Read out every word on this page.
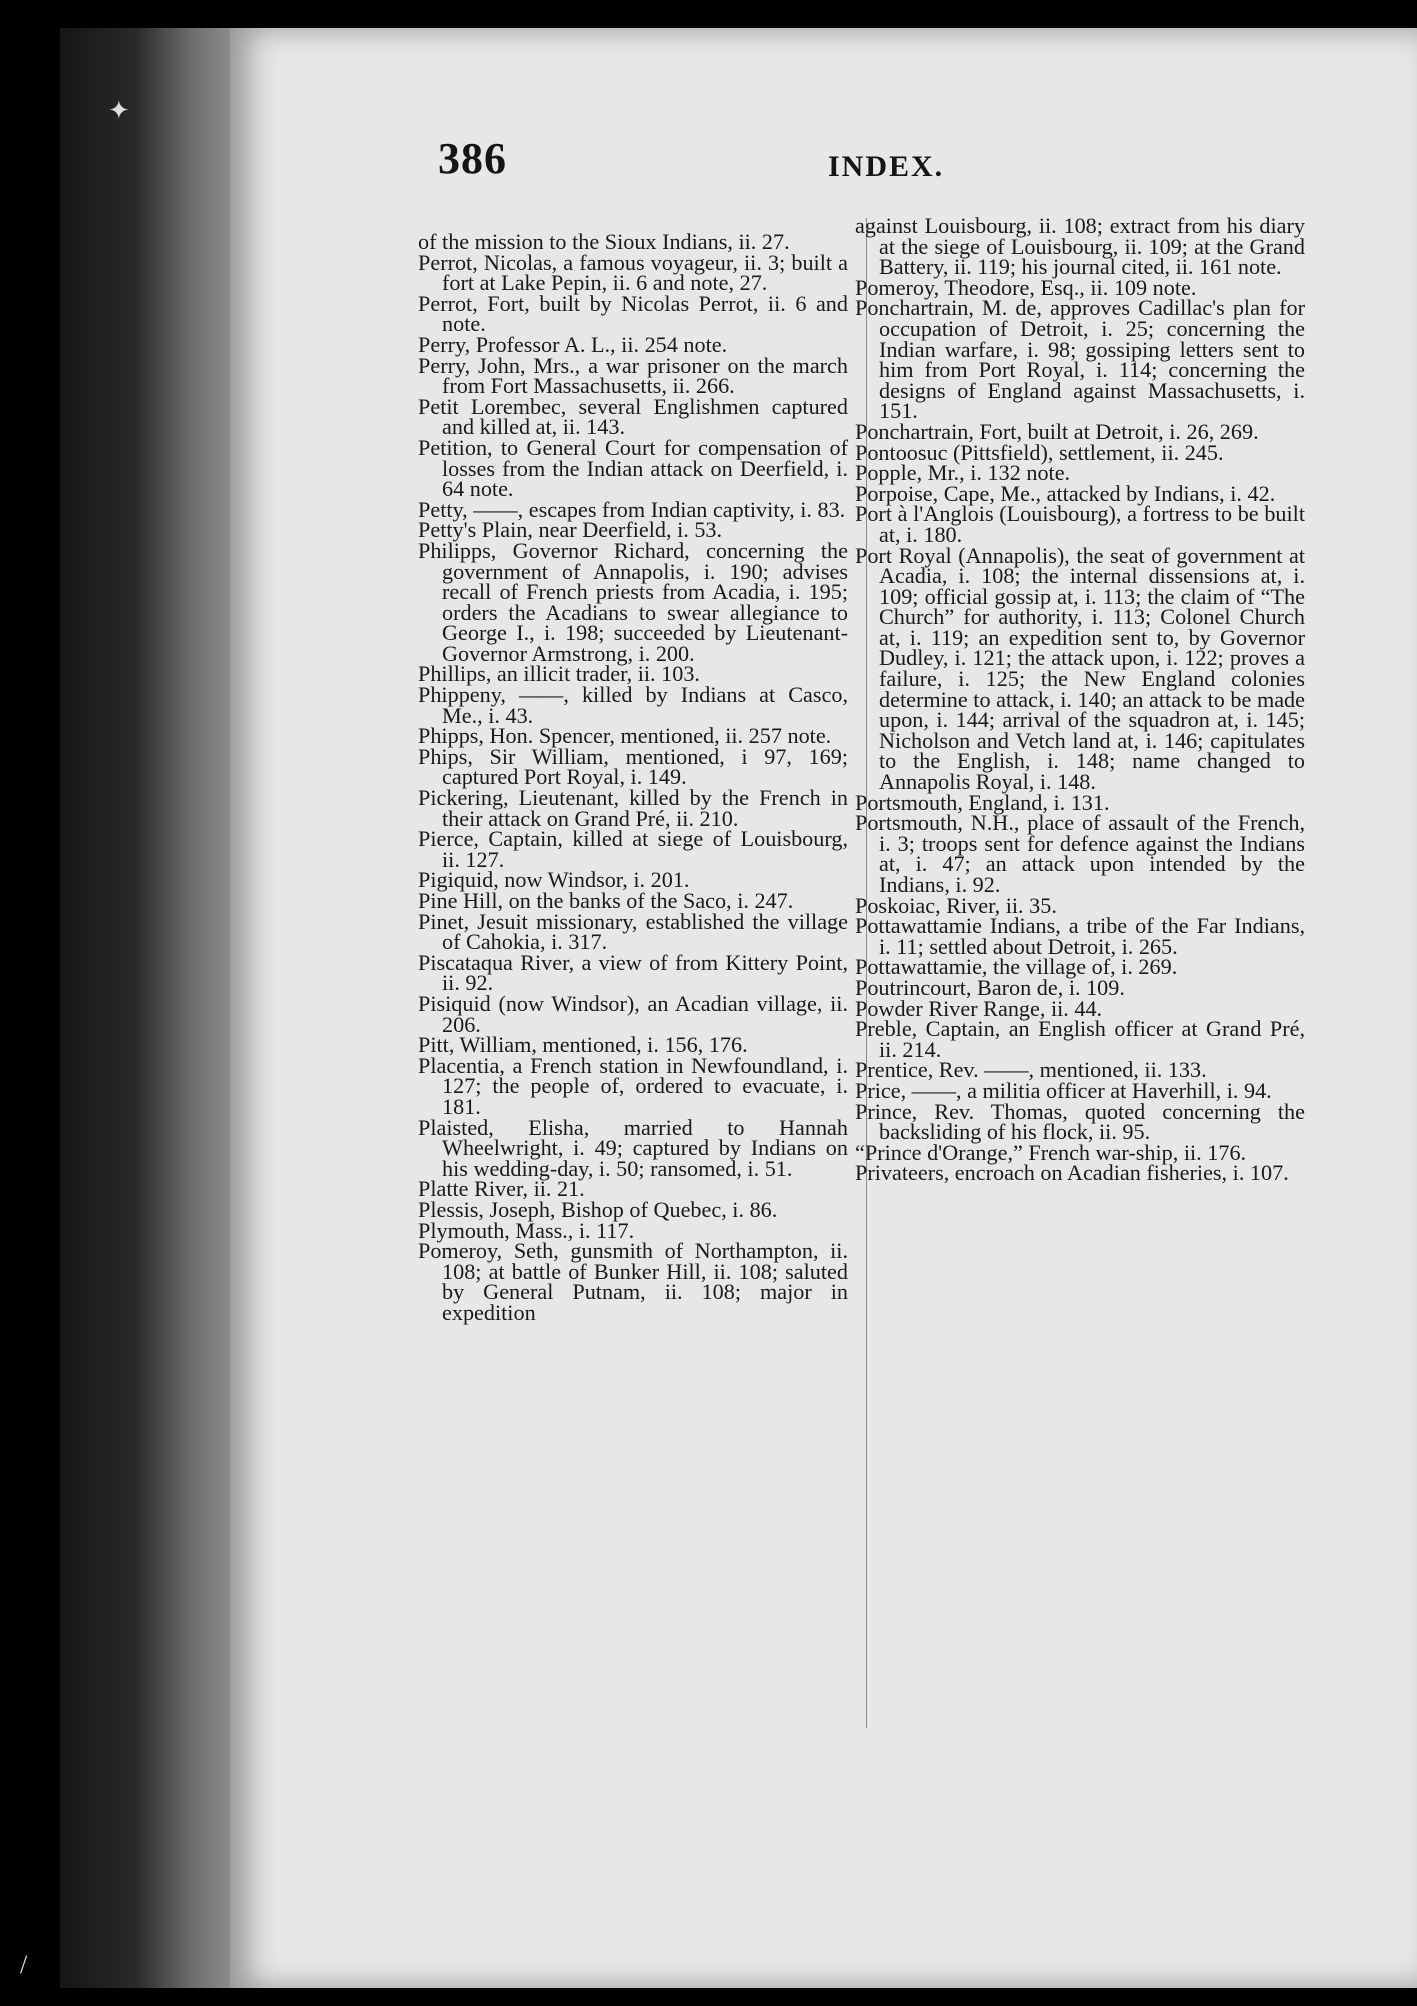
386	INDEX.
of the mission to the Sioux Indians, ii. 27.
Perrot, Nicolas, a famous voyageur, ii. 3; built a fort at Lake Pepin, ii. 6 and note, 27.
Perrot, Fort, built by Nicolas Perrot, ii. 6 and note.
Perry, Professor A. L., ii. 254 note.
Perry, John, Mrs., a war prisoner on the march from Fort Massachusetts, ii. 266.
Petit Lorembec, several Englishmen captured and killed at, ii. 143.
Petition, to General Court for compensation of losses from the Indian attack on Deerfield, i. 64 note.
Petty, ——, escapes from Indian captivity, i. 83.
Petty's Plain, near Deerfield, i. 53.
Philipps, Governor Richard, concerning the government of Annapolis, i. 190; advises recall of French priests from Acadia, i. 195; orders the Acadians to swear allegiance to George I., i. 198; succeeded by Lieutenant-Governor Armstrong, i. 200.
Phillips, an illicit trader, ii. 103.
Phippeny, ——, killed by Indians at Casco, Me., i. 43.
Phipps, Hon. Spencer, mentioned, ii. 257 note.
Phips, Sir William, mentioned, i 97, 169; captured Port Royal, i. 149.
Pickering, Lieutenant, killed by the French in their attack on Grand Pré, ii. 210.
Pierce, Captain, killed at siege of Louisbourg, ii. 127.
Pigiquid, now Windsor, i. 201.
Pine Hill, on the banks of the Saco, i. 247.
Pinet, Jesuit missionary, established the village of Cahokia, i. 317.
Piscataqua River, a view of from Kittery Point, ii. 92.
Pisiquid (now Windsor), an Acadian village, ii. 206.
Pitt, William, mentioned, i. 156, 176.
Placentia, a French station in Newfoundland, i. 127; the people of, ordered to evacuate, i. 181.
Plaisted, Elisha, married to Hannah Wheelwright, i. 49; captured by Indians on his wedding-day, i. 50; ransomed, i. 51.
Platte River, ii. 21.
Plessis, Joseph, Bishop of Quebec, i. 86.
Plymouth, Mass., i. 117.
Pomeroy, Seth, gunsmith of Northampton, ii. 108; at battle of Bunker Hill, ii. 108; saluted by General Putnam, ii. 108; major in expedition
against Louisbourg, ii. 108; extract from his diary at the siege of Louisbourg, ii. 109; at the Grand Battery, ii. 119; his journal cited, ii. 161 note.
Pomeroy, Theodore, Esq., ii. 109 note.
Ponchartrain, M. de, approves Cadillac's plan for occupation of Detroit, i. 25; concerning the Indian warfare, i. 98; gossiping letters sent to him from Port Royal, i. 114; concerning the designs of England against Massachusetts, i. 151.
Ponchartrain, Fort, built at Detroit, i. 26, 269.
Pontoosuc (Pittsfield), settlement, ii. 245.
Popple, Mr., i. 132 note.
Porpoise, Cape, Me., attacked by Indians, i. 42.
Port à l'Anglois (Louisbourg), a fortress to be built at, i. 180.
Port Royal (Annapolis), the seat of government at Acadia, i. 108; the internal dissensions at, i. 109; official gossip at, i. 113; the claim of “The Church” for authority, i. 113; Colonel Church at, i. 119; an expedition sent to, by Governor Dudley, i. 121; the attack upon, i. 122; proves a failure, i. 125; the New England colonies determine to attack, i. 140; an attack to be made upon, i. 144; arrival of the squadron at, i. 145; Nicholson and Vetch land at, i. 146; capitulates to the English, i. 148; name changed to Annapolis Royal, i. 148.
Portsmouth, England, i. 131.
Portsmouth, N.H., place of assault of the French, i. 3; troops sent for defence against the Indians at, i. 47; an attack upon intended by the Indians, i. 92.
Poskoiac, River, ii. 35.
Pottawattamie Indians, a tribe of the Far Indians, i. 11; settled about Detroit, i. 265.
Pottawattamie, the village of, i. 269.
Poutrincourt, Baron de, i. 109.
Powder River Range, ii. 44.
Preble, Captain, an English officer at Grand Pré, ii. 214.
Prentice, Rev. ——, mentioned, ii. 133.
Price, ——, a militia officer at Haverhill, i. 94.
Prince, Rev. Thomas, quoted concerning the backsliding of his flock, ii. 95.
“Prince d'Orange,” French war-ship, ii. 176.
Privateers, encroach on Acadian fisheries, i. 107.
✦
/
